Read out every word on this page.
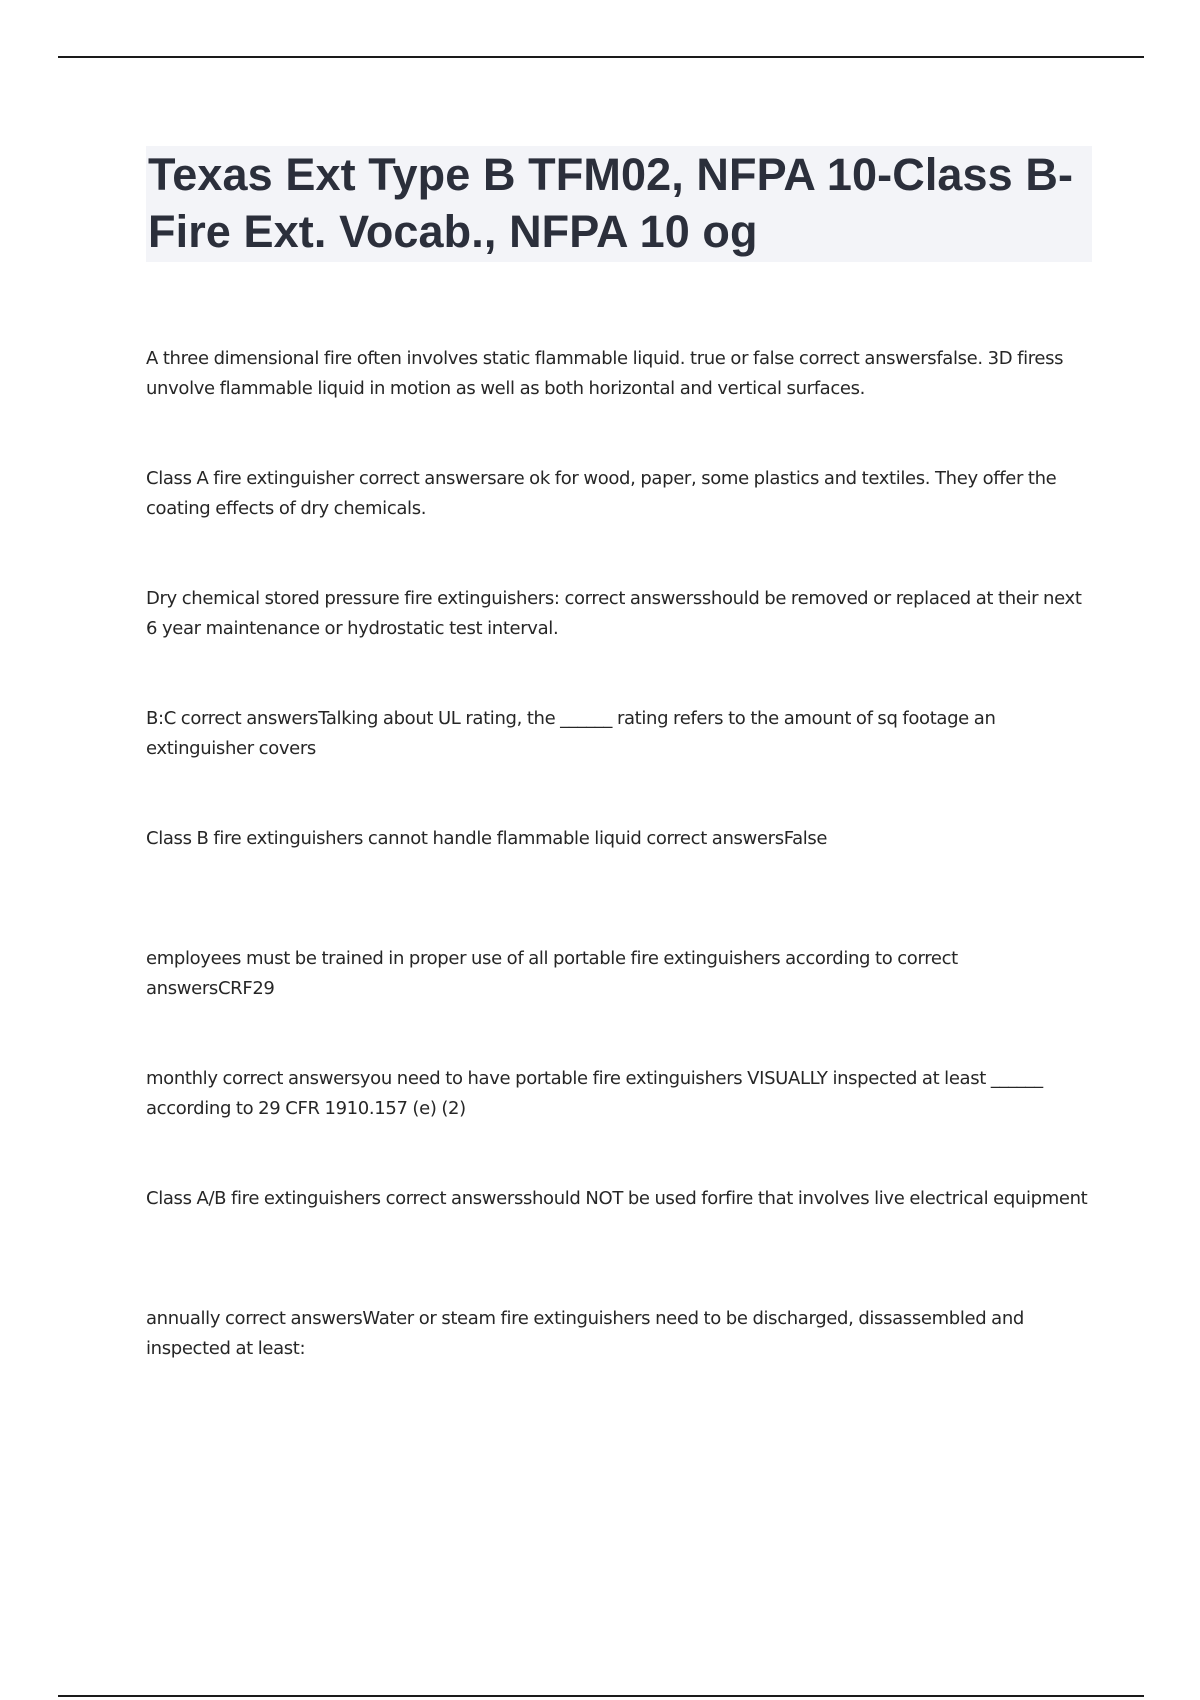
Texas Ext Type B TFM02, NFPA 10-Class B-Fire Ext. Vocab., NFPA 10 og
A three dimensional fire often involves static flammable liquid. true or false correct answersfalse. 3D firess unvolve flammable liquid in motion as well as both horizontal and vertical surfaces.
Class A fire extinguisher correct answersare ok for wood, paper, some plastics and textiles. They offer the coating effects of dry chemicals.
Dry chemical stored pressure fire extinguishers: correct answersshould be removed or replaced at their next 6 year maintenance or hydrostatic test interval.
B:C correct answersTalking about UL rating, the ______ rating refers to the amount of sq footage an extinguisher covers
Class B fire extinguishers cannot handle flammable liquid correct answersFalse
employees must be trained in proper use of all portable fire extinguishers according to correct answersCRF29
monthly correct answersyou need to have portable fire extinguishers VISUALLY inspected at least ______ according to 29 CFR 1910.157 (e) (2)
Class A/B fire extinguishers correct answersshould NOT be used forfire that involves live electrical equipment
annually correct answersWater or steam fire extinguishers need to be discharged, dissassembled and inspected at least:
